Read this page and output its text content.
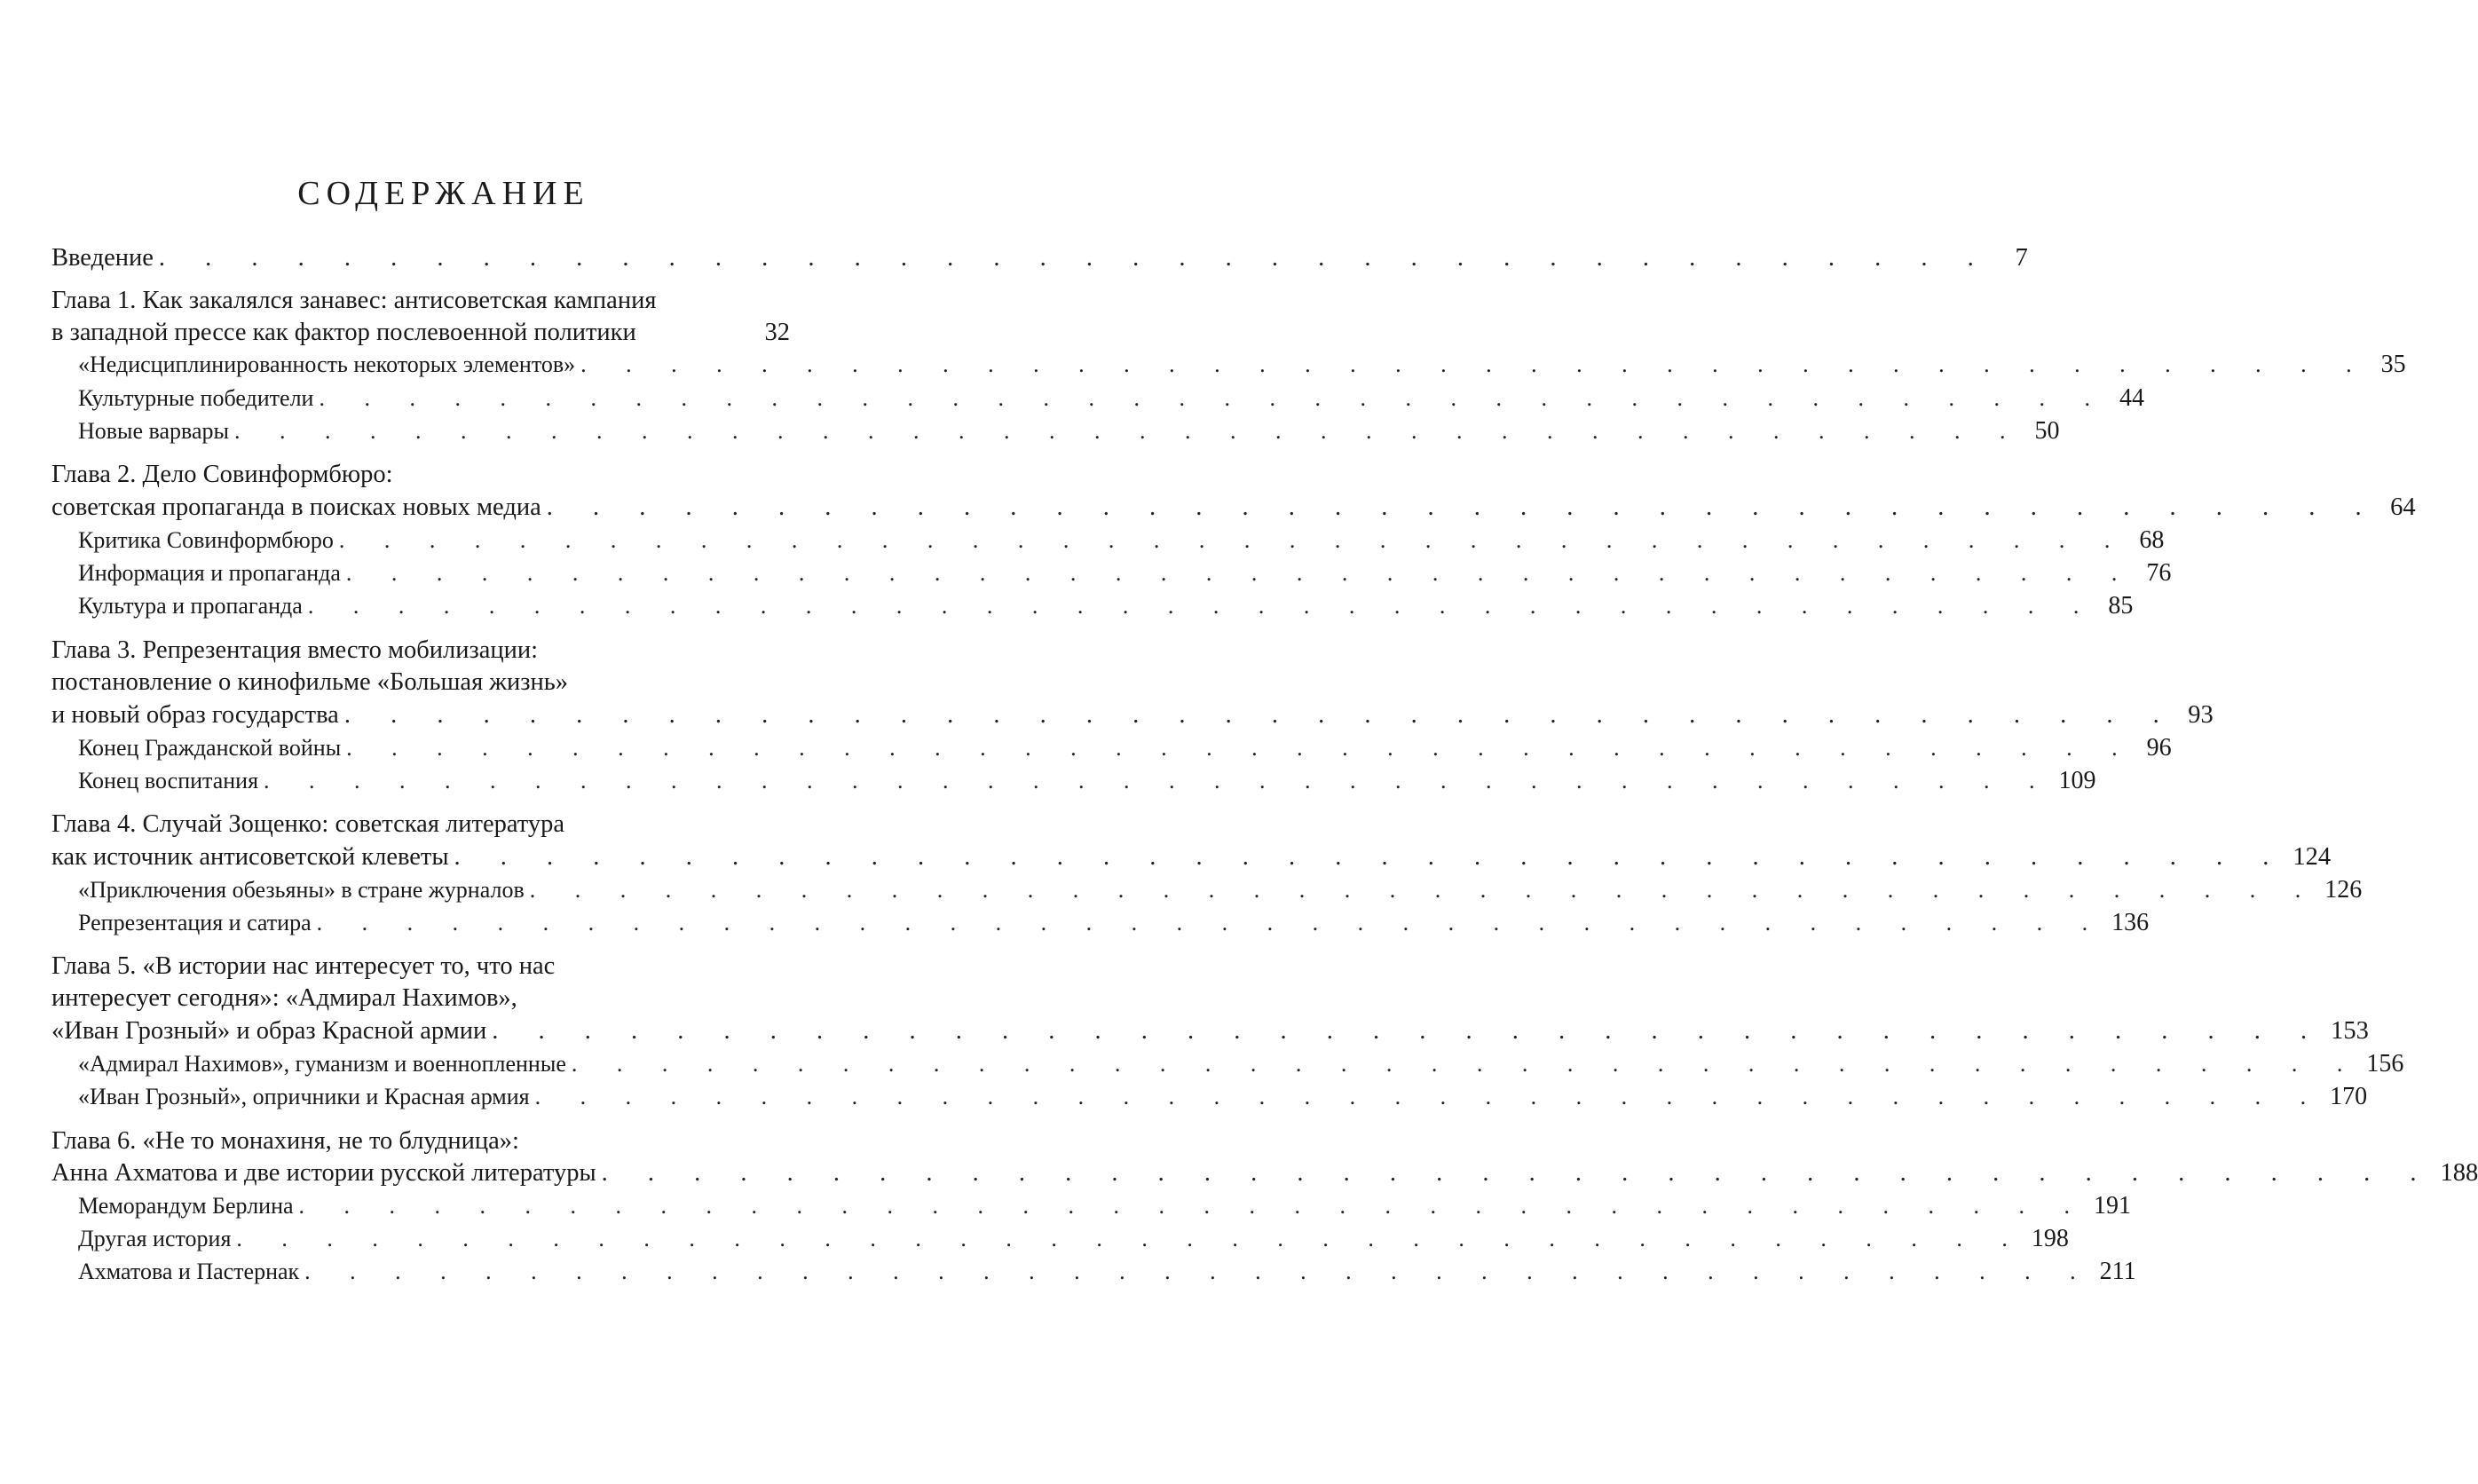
СОДЕРЖАНИЕ
Введение . . . . . . . . . . . . . . . . . . . . . . . . . . . . . . . . . . . . . . . . 7
Глава 1. Как закалялся занавес: антисоветская кампания
в западной прессе как фактор послевоенной политики	32
«Недисциплинированность некоторых элементов» . . . . . . . . . . . . . . . . . . . . . . . . . . . . . . . . . . . . . . . . 35
Культурные победители . . . . . . . . . . . . . . . . . . . . . . . . . . . . . . . . . . . . . . . . 44
Новые варвары . . . . . . . . . . . . . . . . . . . . . . . . . . . . . . . . . . . . . . . . 50
Глава 2. Дело Совинформбюро:
советская пропаганда в поисках новых медиа . . . . . . . . . . . . . . . . . . . . . . . . . . . . . . . . . . . . . . . . 64
Критика Совинформбюро . . . . . . . . . . . . . . . . . . . . . . . . . . . . . . . . . . . . . . . . 68
Информация и пропаганда . . . . . . . . . . . . . . . . . . . . . . . . . . . . . . . . . . . . . . . . 76
Культура и пропаганда . . . . . . . . . . . . . . . . . . . . . . . . . . . . . . . . . . . . . . . . 85
Глава 3. Репрезентация вместо мобилизации:
постановление о кинофильме «Большая жизнь»
и новый образ государства . . . . . . . . . . . . . . . . . . . . . . . . . . . . . . . . . . . . . . . . 93
Конец Гражданской войны . . . . . . . . . . . . . . . . . . . . . . . . . . . . . . . . . . . . . . . . 96
Конец воспитания . . . . . . . . . . . . . . . . . . . . . . . . . . . . . . . . . . . . . . . . 109
Глава 4. Случай Зощенко: советская литература
как источник антисоветской клеветы . . . . . . . . . . . . . . . . . . . . . . . . . . . . . . . . . . . . . . . . 124
«Приключения обезьяны» в стране журналов . . . . . . . . . . . . . . . . . . . . . . . . . . . . . . . . . . . . . . . . 126
Репрезентация и сатира . . . . . . . . . . . . . . . . . . . . . . . . . . . . . . . . . . . . . . . . 136
Глава 5. «В истории нас интересует то, что нас
интересует сегодня»: «Адмирал Нахимов»,
«Иван Грозный» и образ Красной армии . . . . . . . . . . . . . . . . . . . . . . . . . . . . . . . . . . . . . . . . 153
«Адмирал Нахимов», гуманизм и военнопленные . . . . . . . . . . . . . . . . . . . . . . . . . . . . . . . . . . . . . . . . 156
«Иван Грозный», опричники и Красная армия . . . . . . . . . . . . . . . . . . . . . . . . . . . . . . . . . . . . . . . . 170
Глава 6. «Не то монахиня, не то блудница»:
Анна Ахматова и две истории русской литературы . . . . . . . . . . . . . . . . . . . . . . . . . . . . . . . . . . . . . . . . 188
Меморандум Берлина . . . . . . . . . . . . . . . . . . . . . . . . . . . . . . . . . . . . . . . . 191
Другая история . . . . . . . . . . . . . . . . . . . . . . . . . . . . . . . . . . . . . . . . 198
Ахматова и Пастернак . . . . . . . . . . . . . . . . . . . . . . . . . . . . . . . . . . . . . . . . 211
